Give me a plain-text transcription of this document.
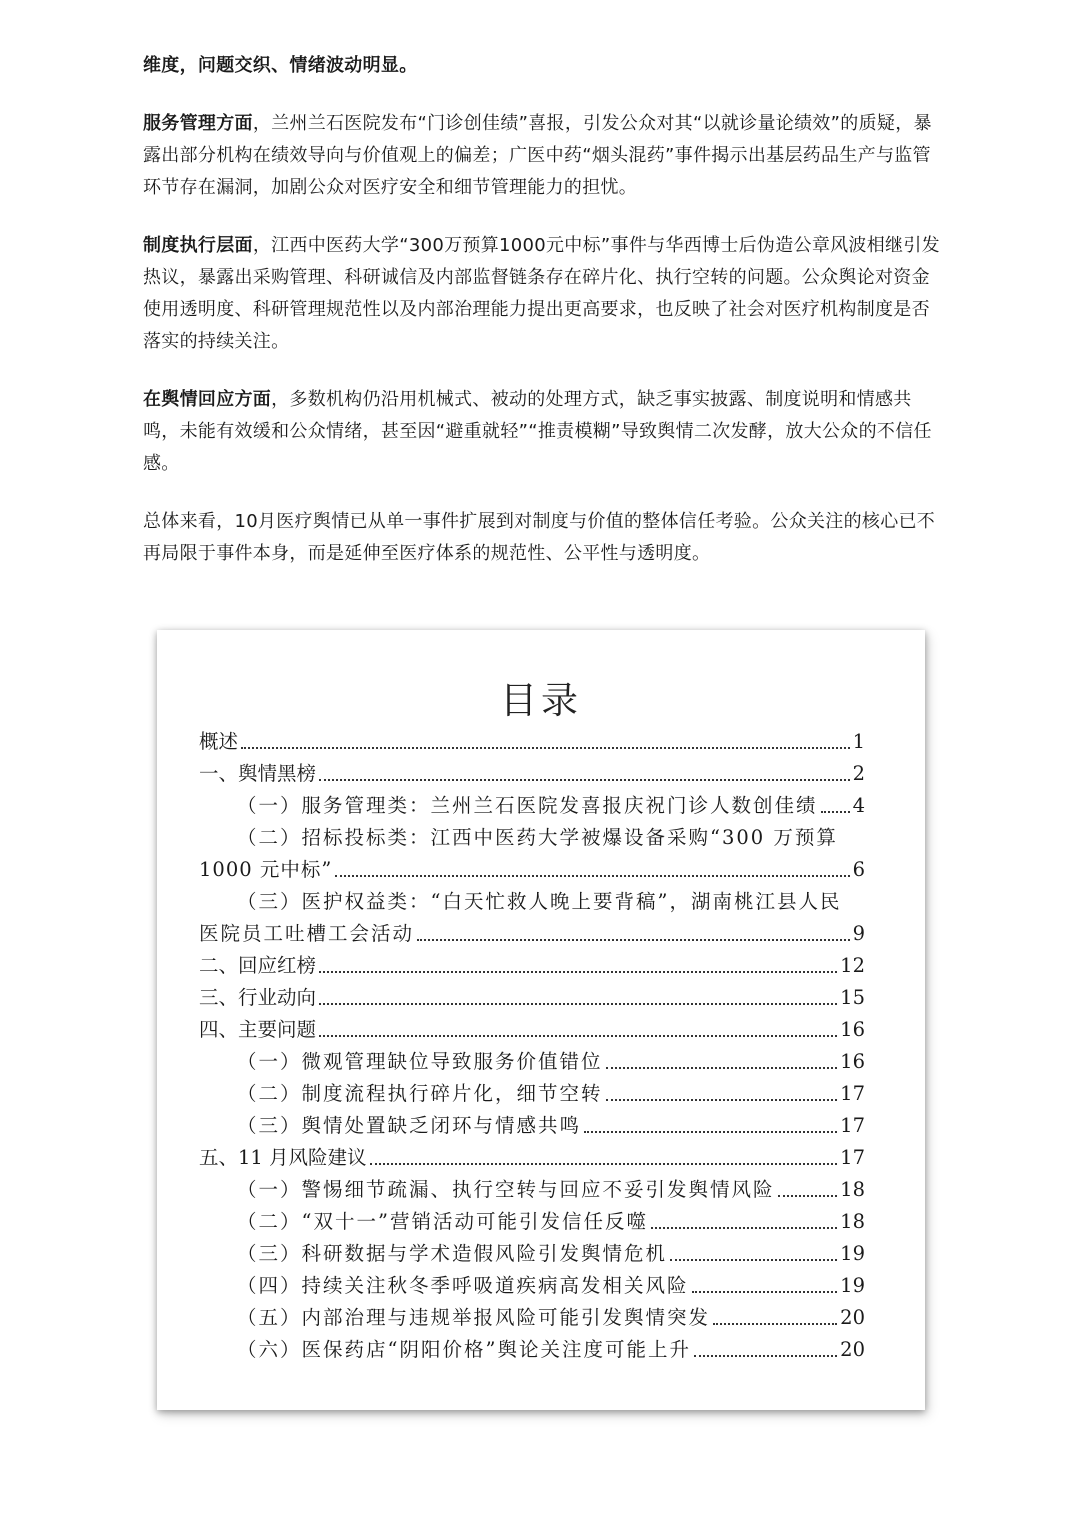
维度，问题交织、情绪波动明显。

服务管理方面，兰州兰石医院发布“门诊创佳绩”喜报，引发公众对其“以就诊量论绩效”的质疑，暴露出部分机构在绩效导向与价值观上的偏差；广医中药“烟头混药”事件揭示出基层药品生产与监管环节存在漏洞，加剧公众对医疗安全和细节管理能力的担忧。

制度执行层面，江西中医药大学“300万预算1000元中标”事件与华西博士后伪造公章风波相继引发热议，暴露出采购管理、科研诚信及内部监督链条存在碎片化、执行空转的问题。公众舆论对资金使用透明度、科研管理规范性以及内部治理能力提出更高要求，也反映了社会对医疗机构制度是否落实的持续关注。

在舆情回应方面，多数机构仍沿用机械式、被动的处理方式，缺乏事实披露、制度说明和情感共鸣，未能有效缓和公众情绪，甚至因“避重就轻”“推责模糊”导致舆情二次发酵，放大公众的不信任感。

总体来看，10月医疗舆情已从单一事件扩展到对制度与价值的整体信任考验。公众关注的核心已不再局限于事件本身，而是延伸至医疗体系的规范性、公平性与透明度。

目录
概述	1
一、舆情黑榜	2
（一）服务管理类：兰州兰石医院发喜报庆祝门诊人数创佳绩 4
（二）招标投标类：江西中医药大学被爆设备采购“300 万预算
1000 元中标”	6
（三）医护权益类：“白天忙救人晚上要背稿”，湖南桃江县人民
医院员工吐槽工会活动	9
二、回应红榜	12
三、行业动向	15
四、主要问题	16
（一）微观管理缺位导致服务价值错位	16
（二）制度流程执行碎片化，细节空转	17
（三）舆情处置缺乏闭环与情感共鸣	17
五、11 月风险建议	17
（一）警惕细节疏漏、执行空转与回应不妥引发舆情风险	18
（二）“双十一”营销活动可能引发信任反噬	18
（三）科研数据与学术造假风险引发舆情危机	19
（四）持续关注秋冬季呼吸道疾病高发相关风险	19
（五）内部治理与违规举报风险可能引发舆情突发	20
（六）医保药店“阴阳价格”舆论关注度可能上升	20
